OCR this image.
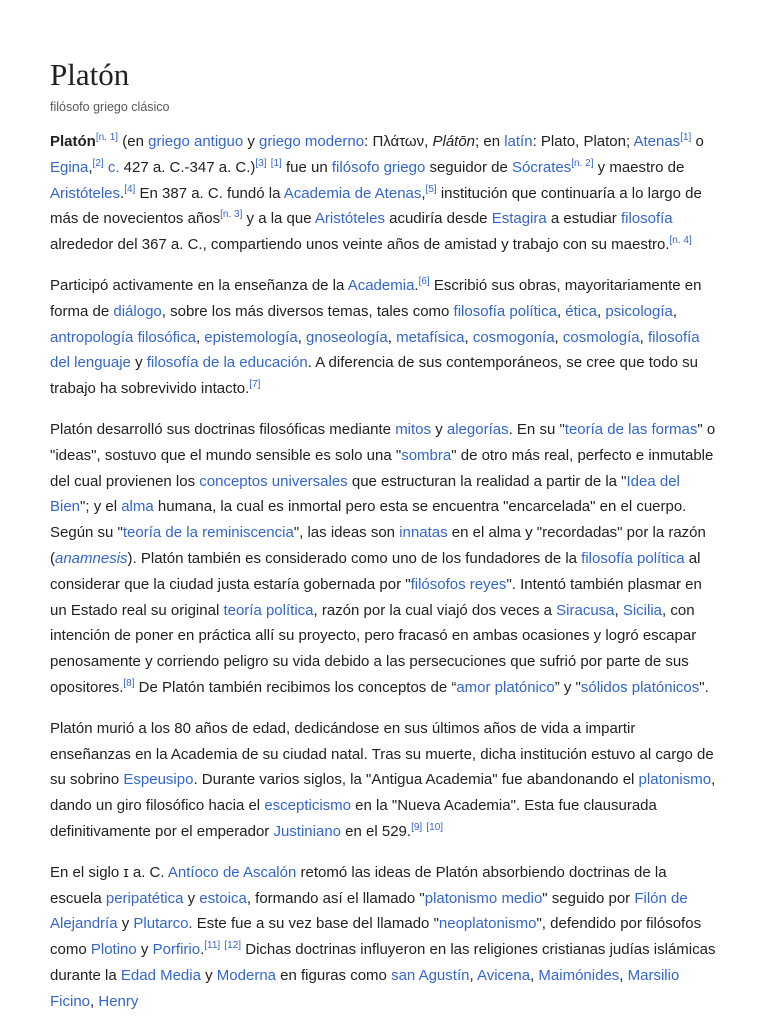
Platón
filósofo griego clásico

Platón[n. 1] (en griego antiguo y griego moderno: Πλάτων, Plátōn; en latín: Plato, Platon; Atenas[1] o Egina,[2] c. 427 a. C.-347 a. C.)[3] [1] fue un filósofo griego seguidor de Sócrates[n. 2] y maestro de Aristóteles.[4] En 387 a. C. fundó la Academia de Atenas,[5] institución que continuaría a lo largo de más de novecientos años[n. 3] y a la que Aristóteles acudiría desde Estagira a estudiar filosofía alrededor del 367 a. C., compartiendo unos veinte años de amistad y trabajo con su maestro.[n. 4]

Participó activamente en la enseñanza de la Academia.[6] Escribió sus obras, mayoritariamente en forma de diálogo, sobre los más diversos temas, tales como filosofía política, ética, psicología, antropología filosófica, epistemología, gnoseología, metafísica, cosmogonía, cosmología, filosofía del lenguaje y filosofía de la educación. A diferencia de sus contemporáneos, se cree que todo su trabajo ha sobrevivido intacto.[7]

Platón desarrolló sus doctrinas filosóficas mediante mitos y alegorías. En su "teoría de las formas" o "ideas", sostuvo que el mundo sensible es solo una "sombra" de otro más real, perfecto e inmutable del cual provienen los conceptos universales que estructuran la realidad a partir de la "Idea del Bien"; y el alma humana, la cual es inmortal pero esta se encuentra "encarcelada" en el cuerpo. Según su "teoría de la reminiscencia", las ideas son innatas en el alma y "recordadas" por la razón (anamnesis). Platón también es considerado como uno de los fundadores de la filosofía política al considerar que la ciudad justa estaría gobernada por "filósofos reyes". Intentó también plasmar en un Estado real su original teoría política, razón por la cual viajó dos veces a Siracusa, Sicilia, con intención de poner en práctica allí su proyecto, pero fracasó en ambas ocasiones y logró escapar penosamente y corriendo peligro su vida debido a las persecuciones que sufrió por parte de sus opositores.[8] De Platón también recibimos los conceptos de “amor platónico” y "sólidos platónicos".

Platón murió a los 80 años de edad, dedicándose en sus últimos años de vida a impartir enseñanzas en la Academia de su ciudad natal. Tras su muerte, dicha institución estuvo al cargo de su sobrino Espeusipo. Durante varios siglos, la "Antigua Academia" fue abandonando el platonismo, dando un giro filosófico hacia el escepticismo en la "Nueva Academia". Esta fue clausurada definitivamente por el emperador Justiniano en el 529.[9] [10]

En el siglo ɪ a. C. Antíoco de Ascalón retomó las ideas de Platón absorbiendo doctrinas de la escuela peripatética y estoica, formando así el llamado "platonismo medio" seguido por Filón de Alejandría y Plutarco. Este fue a su vez base del llamado "neoplatonismo", defendido por filósofos como Plotino y Porfirio.[11] [12] Dichas doctrinas influyeron en las religiones cristianas judías islámicas durante la Edad Media y Moderna en figuras como san Agustín, Avicena, Maimónides, Marsilio Ficino, Henry
